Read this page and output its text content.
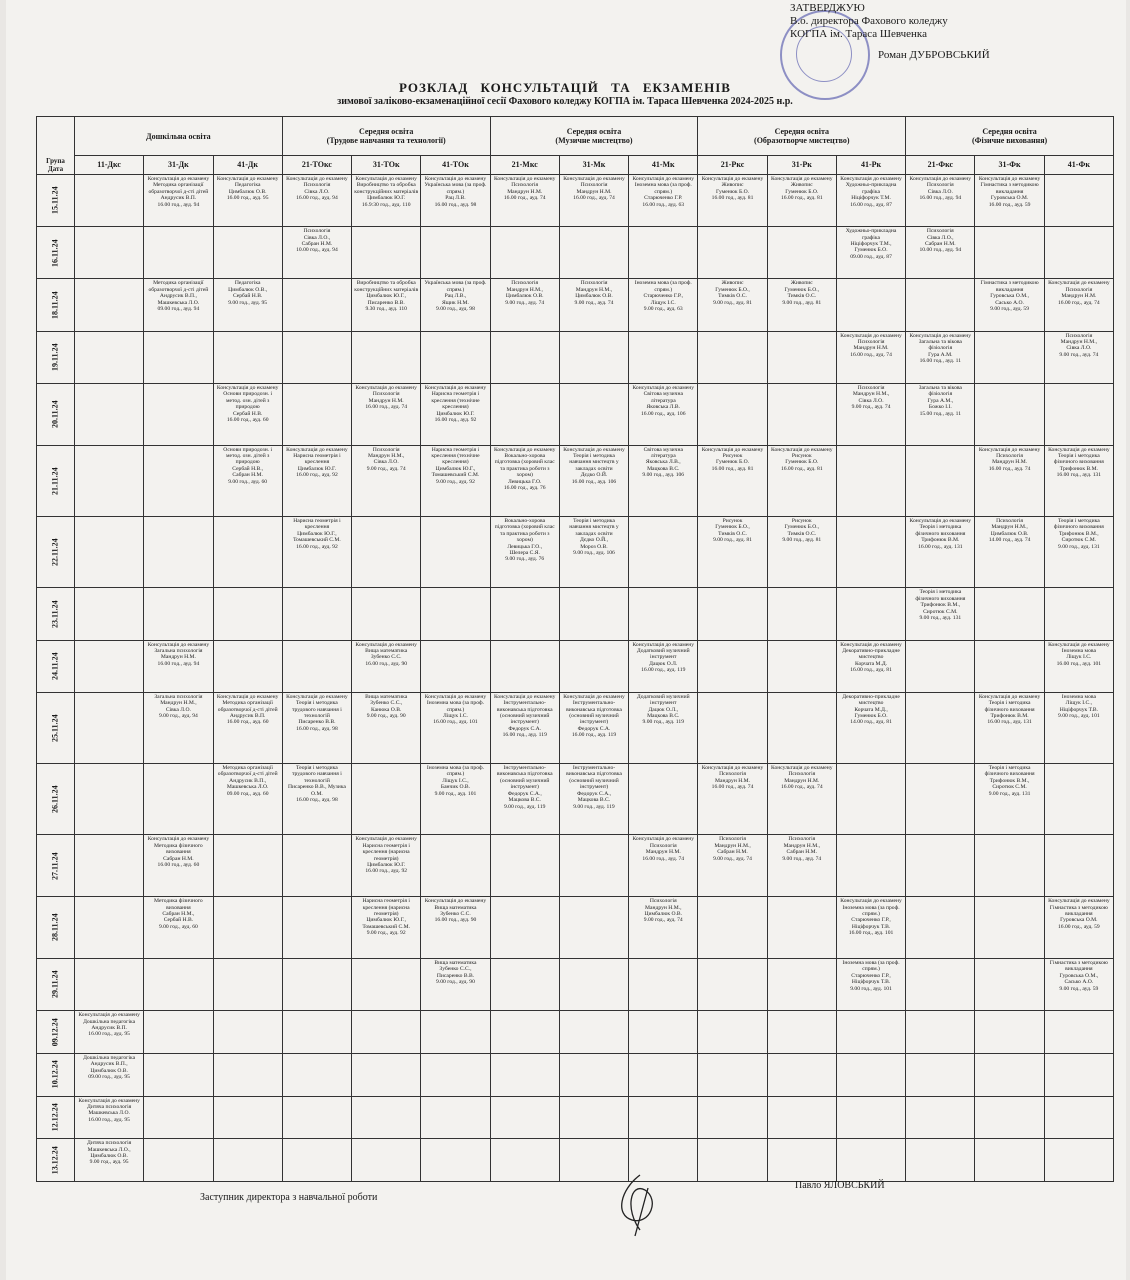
ЗАТВЕРДЖУЮ
В.о. директора Фахового коледжу
КОГПА ім. Тараса Шевченка
Роман ДУБРОВСЬКИЙ
РОЗКЛАД КОНСУЛЬТАЦІЙ ТА ЕКЗАМЕНІВ
зимової заліково-екзаменаційної сесії Фахового коледжу КОГПА ім. Тараса Шевченка 2024-2025 н.р.
Група
Дата	Дошкільна освіта			Середня освіта
(Трудове навчання та технології)			Середня освіта
(Музичне мистецтво)			Середня освіта
(Образотворче мистецтво)			Середня освіта
(Фізичне виховання)		
	11-Дкс	31-Дк	41-Дк	21-ТОкс	31-ТОк	41-ТОк	21-Мкс	31-Мк	41-Мк	21-Ркс	31-Рк	41-Рк	21-Фкс	31-Фк	41-Фк

15.11.24		Консультація до екзамену
Методика організації образотворчої д-сті дітей
Андрусик В.П.
16.00 год., ауд. 94	Консультація до екзамену
Педагогіка
Цимбалюк О.В.
16.00 год., ауд. 95	Консультація до екзамену
Психологія
Сівка Л.О.
16.00 год., ауд. 94	Консультація до екзамену
Виробництво та обробка конструкційних матеріалів
Цимбалюк Ю.Г.
16.9:30 год., ауд. 110	Консультація до екзамену
Українська мова (за проф. спрям.)
Рац Л.В.
16.00 год., ауд. 98	Консультація до екзамену
Психологія
Мандрун Н.М.
16.00 год., ауд. 74	Консультація до екзамену
Психологія
Мандрун Н.М.
16.00 год., ауд. 74	Консультація до екзамену
Іноземна мова (за проф. спрям.)
Старюченко Г.Р.
16.00 год., ауд. 63	Консультація до екзамену
Живопис
Гуменюк Б.О.
16.00 год., ауд. 81	Консультація до екзамену
Живопис
Гуменюк Б.О.
16.00 год., ауд. 81	Консультація до екзамену
Художньо-прикладна графіка
Ніціфорчук Т.М.
16.00 год., ауд. 87	Консультація до екзамену
Психологія
Сівка Л.О.
16.00 год., ауд. 94	Консультація до екзамену
Гімнастика з методикою викладання
Гуровська О.М.
16.00 год., ауд. 59	

16.11.24				Психологія
Сівка Л.О.,
Сабран Н.М.
10.00 год., ауд. 94								Художньо-прикладна графіка
Ніціфорчук Т.М.,
Гуменюк Б.О.
09.00 год., ауд. 87	Психологія
Сівка Л.О.,
Сабран Н.М.
10.00 год., ауд. 94		

18.11.24		Методика організації образотворчої д-сті дітей
Андрусик В.П.,
Машкевська Л.О.
09.00 год., ауд. 94	Педагогіка
Цимбалюк О.В.,
Сербай Н.В.
9.00 год., ауд. 95		Виробництво та обробка конструкційних матеріалів
Цимбалюк Ю.Г.,
Писаренко В.В.
9.30 год., ауд. 110	Українська мова (за проф. спрям.)
Рац Л.В.,
Ящик Н.М.
9.00 год., ауд. 98	Психологія
Мандрун Н.М.,
Цимбалюк О.В.
9.00 год., ауд. 74	Психологія
Мандрун Н.М.,
Цимбалюк О.В.
9.00 год., ауд. 74	Іноземна мова (за проф. спрям.)
Старюченко Г.Р.,
Ліщук І.С.
9.00 год., ауд. 63	Живопис
Гуменюк Б.О.,
Тимків О.С.
9.00 год., ауд. 81	Живопис
Гуменюк Б.О.,
Тимків О.С.
9.00 год., ауд. 81			Гімнастика з методикою викладання
Гуровська О.М.,
Сасько А.О.
9.00 год., ауд. 59	Консультація до екзамену
Психологія
Мандрун Н.М.
16.00 год., ауд. 74

19.11.24												Консультація до екзамену
Психологія
Мандрун Н.М.
16.00 год., ауд. 74	Консультація до екзамену
Загальна та вікова фізіологія
Гура А.М.
16.00 год., ауд. 11		Психологія
Мандрун Н.М.,
Сівка Л.О.
9.00 год., ауд. 74

20.11.24			Консультація до екзамену
Основи природозн. і метод. озн. дітей з природою
Сербай Н.В.
16.00 год., ауд. 60		Консультація до екзамену
Психологія
Мандрун Н.М.
16.00 год., ауд. 74	Консультація до екзамену
Нарисна геометрія і креслення (технічне креслення)
Цимбалюк Ю.Г.
16.00 год., ауд. 92			Консультація до екзамену
Світова музична література
Яковська Л.В.
16.00 год., ауд. 106			Психологія
Мандрун Н.М.,
Сівка Л.О.
9.00 год., ауд. 74	Загальна та вікова фізіологія
Гура А.М.,
Божко І.І.
15.00 год., ауд. 11		

21.11.24			Основи природозн. і метод. озн. дітей з природою
Сербай Н.В.,
Сабран Н.М.
9.00 год., ауд. 60	Консультація до екзамену
Нарисна геометрія і креслення
Цимбалюк Ю.Г.
16.00 год., ауд. 92	Психологія
Мандрун Н.М.,
Сівка Л.О.
9.00 год., ауд. 74	Нарисна геометрія і креслення (технічне креслення)
Цимбалюк Ю.Г.,
Томашевський С.М.
9.00 год., ауд. 92	Консультація до екзамену
Вокально-хорова підготовка (хоровий клас та практика роботи з хором)
Левицька Г.О.
16.00 год., ауд. 76	Консультація до екзамену
Теорія і методика навчання мистецтв у закладах освіти
Дєдко О.Й.
16.00 год., ауд. 106	Світова музична література
Яковська Л.В.,
Мацкова В.С.
9.00 год., ауд. 106	Консультація до екзамену
Рисунок
Гуменюк Б.О.
16.00 год., ауд. 81	Консультація до екзамену
Рисунок
Гуменюк Б.О.
16.00 год., ауд. 81			Консультація до екзамену
Психологія
Мандрун Н.М.
16.00 год., ауд. 74	Консультація до екзамену
Теорія і методика фізичного виховання
Трифонюк В.М.
16.00 год., ауд. 131

22.11.24				Нарисна геометрія і креслення
Цимбалюк Ю.Г.,
Томашевський С.М.
16.00 год., ауд. 92			Вокально-хорова підготовка (хоровий клас та практика роботи з хором)
Левицька Г.О.,
Шелера С.Я.
9.00 год., ауд. 76	Теорія і методика навчання мистецтв у закладах освіти
Дєдко О.Й.,
Мороз О.В.
9.00 год., ауд. 106		Рисунок
Гуменюк Б.О.,
Тимків О.С.
9.00 год., ауд. 81	Рисунок
Гуменюк Б.О.,
Тимків О.С.
9.00 год., ауд. 81		Консультація до екзамену
Теорія і методика фізичного виховання
Трифонюк В.М.
16.00 год., ауд. 131	Психологія
Мандрун Н.М.,
Цимбалюк О.В.
14.00 год., ауд. 74	Теорія і методика фізичного виховання
Трифонюк В.М.,
Сиротюк С.М.
9.00 год., ауд. 131

23.11.24													Теорія і методика фізичного виховання
Трифонюк В.М.,
Сиротюк С.М.
9.00 год., ауд. 131		

24.11.24		Консультація до екзамену
Загальна психологія
Мандрун Н.М.
16.00 год., ауд. 94			Консультація до екзамену
Вища математика
Зубенко С.С.
16.00 год., ауд. 90				Консультація до екзамену
Додатковий музичний інструмент
Дацюк О.Л.
16.00 год., ауд. 119			Консультація до екзамену
Декоративно-прикладне мистецтво
Корчата М.Д.
16.00 год., ауд. 81			Консультація до екзамену
Іноземна мова
Ліщук І.С.
16.00 год., ауд. 101

25.11.24		Загальна психологія
Мандрун Н.М.,
Сівка Л.О.
9.00 год., ауд. 94	Консультація до екзамену
Методика організації образотворчої д-сті дітей
Андрусик В.П.
16.00 год., ауд. 60	Консультація до екзамену
Теорія і методика трудового навчання і технологій
Писаренко В.В.
16.00 год., ауд. 98	Вища математика
Зубенко С.С.,
Канюка О.В.
9.00 год., ауд. 90	Консультація до екзамену
Іноземна мова (за проф. спрям.)
Ліщук І.С.
16.00 год., ауд. 101	Консультація до екзамену
Інструментально-виконавська підготовка (основний музичний інструмент)
Федорук С.А.
16.00 год., ауд. 119	Консультація до екзамену
Інструментально-виконавська підготовка (основний музичний інструмент)
Федорук С.А.
16.00 год., ауд. 119	Додатковий музичний інструмент
Дацюк О.Л.,
Мацкова В.С.
9.00 год., ауд. 119			Декоративно-прикладне мистецтво
Корчата М.Д.,
Гуменюк Б.О.
14.00 год., ауд. 81		Консультація до екзамену
Теорія і методика фізичного виховання
Трифонюк В.М.
16.00 год., ауд. 131	Іноземна мова
Ліщук І.С.,
Ніціфорчук Т.В.
9.00 год., ауд. 101

26.11.24			Методика організації образотворчої д-сті дітей
Андрусик В.П.,
Машкевська Л.О.
09.00 год., ауд. 60	Теорія і методика трудового навчання і технологій
Писаренко В.В., Музика О.М.
16.00 год., ауд. 98		Іноземна мова (за проф. спрям.)
Ліщук І.С.,
Банчик О.В.
9.00 год., ауд. 101	Інструментально-виконавська підготовка (основний музичний інструмент)
Федорук С.А.,
Мацкова В.С.
9.00 год., ауд. 119	Інструментально-виконавська підготовка (основний музичний інструмент)
Федорук С.А.,
Мацкова В.С.
9.00 год., ауд. 119		Консультація до екзамену
Психологія
Мандрун Н.М.
16.00 год., ауд. 74	Консультація до екзамену
Психологія
Мандрун Н.М.
16.00 год., ауд. 74			Теорія і методика фізичного виховання
Трифонюк В.М.,
Сиротюк С.М.
9.00 год., ауд. 131	

27.11.24		Консультація до екзамену
Методика фізичного виховання
Сабран Н.М.
16.00 год., ауд. 60			Консультація до екзамену
Нарисна геометрія і креслення (нарисна геометрія)
Цимбалюк Ю.Г.
16.00 год., ауд. 92				Консультація до екзамену
Психологія
Мандрун Н.М.
16.00 год., ауд. 74	Психологія
Мандрун Н.М.,
Сабран Н.М.
9.00 год., ауд. 74	Психологія
Мандрун Н.М.,
Сабран Н.М.
9.00 год., ауд. 74				

28.11.24		Методика фізичного виховання
Сабран Н.М.,
Сербай Н.В.
9.00 год., ауд. 60			Нарисна геометрія і креслення (нарисна геометрія)
Цимбалюк Ю.Г., Томашевський С.М.
9.00 год., ауд. 92	Консультація до екзамену
Вища математика
Зубенко С.С.
16.00 год., ауд. 90			Психологія
Мандрун Н.М.,
Цимбалюк О.В.
9.00 год., ауд. 74			Консультація до екзамену
Іноземна мова (за проф. спрям.)
Старюченко Г.Р.,
Ніціфорчук Т.В.
16.00 год., ауд. 101			Консультація до екзамену
Гімнастика з методикою викладання
Гуровська О.М.
16.00 год., ауд. 59

29.11.24						Вища математика
Зубенко С.С.,
Писаренко В.В.
9.00 год., ауд. 90						Іноземна мова (за проф. спрям.)
Старюченко Г.Р.,
Ніціфорчук Т.В.
9.00 год., ауд. 101			Гімнастика з методикою викладання
Гуровська О.М.,
Сасько А.О.
9.00 год., ауд. 59

09.12.24	Консультація до екзамену
Дошкільна педагогіка
Андрусик В.П.
16.00 год., ауд. 95														

10.12.24	Дошкільна педагогіка
Андрусик В.П.,
Цимбалюк О.В.
09.00 год., ауд. 95														

12.12.24	Консультація до екзамену
Дитяча психологія
Машкевська Л.О.
16.00 год., ауд. 95														

13.12.24	Дитяча психологія
Машкевська Л.О.,
Цимбалюк О.В.
9.00 год., ауд. 95														

Заступник директора з навчальної роботи
Павло ЯЛОВСЬКИЙ
